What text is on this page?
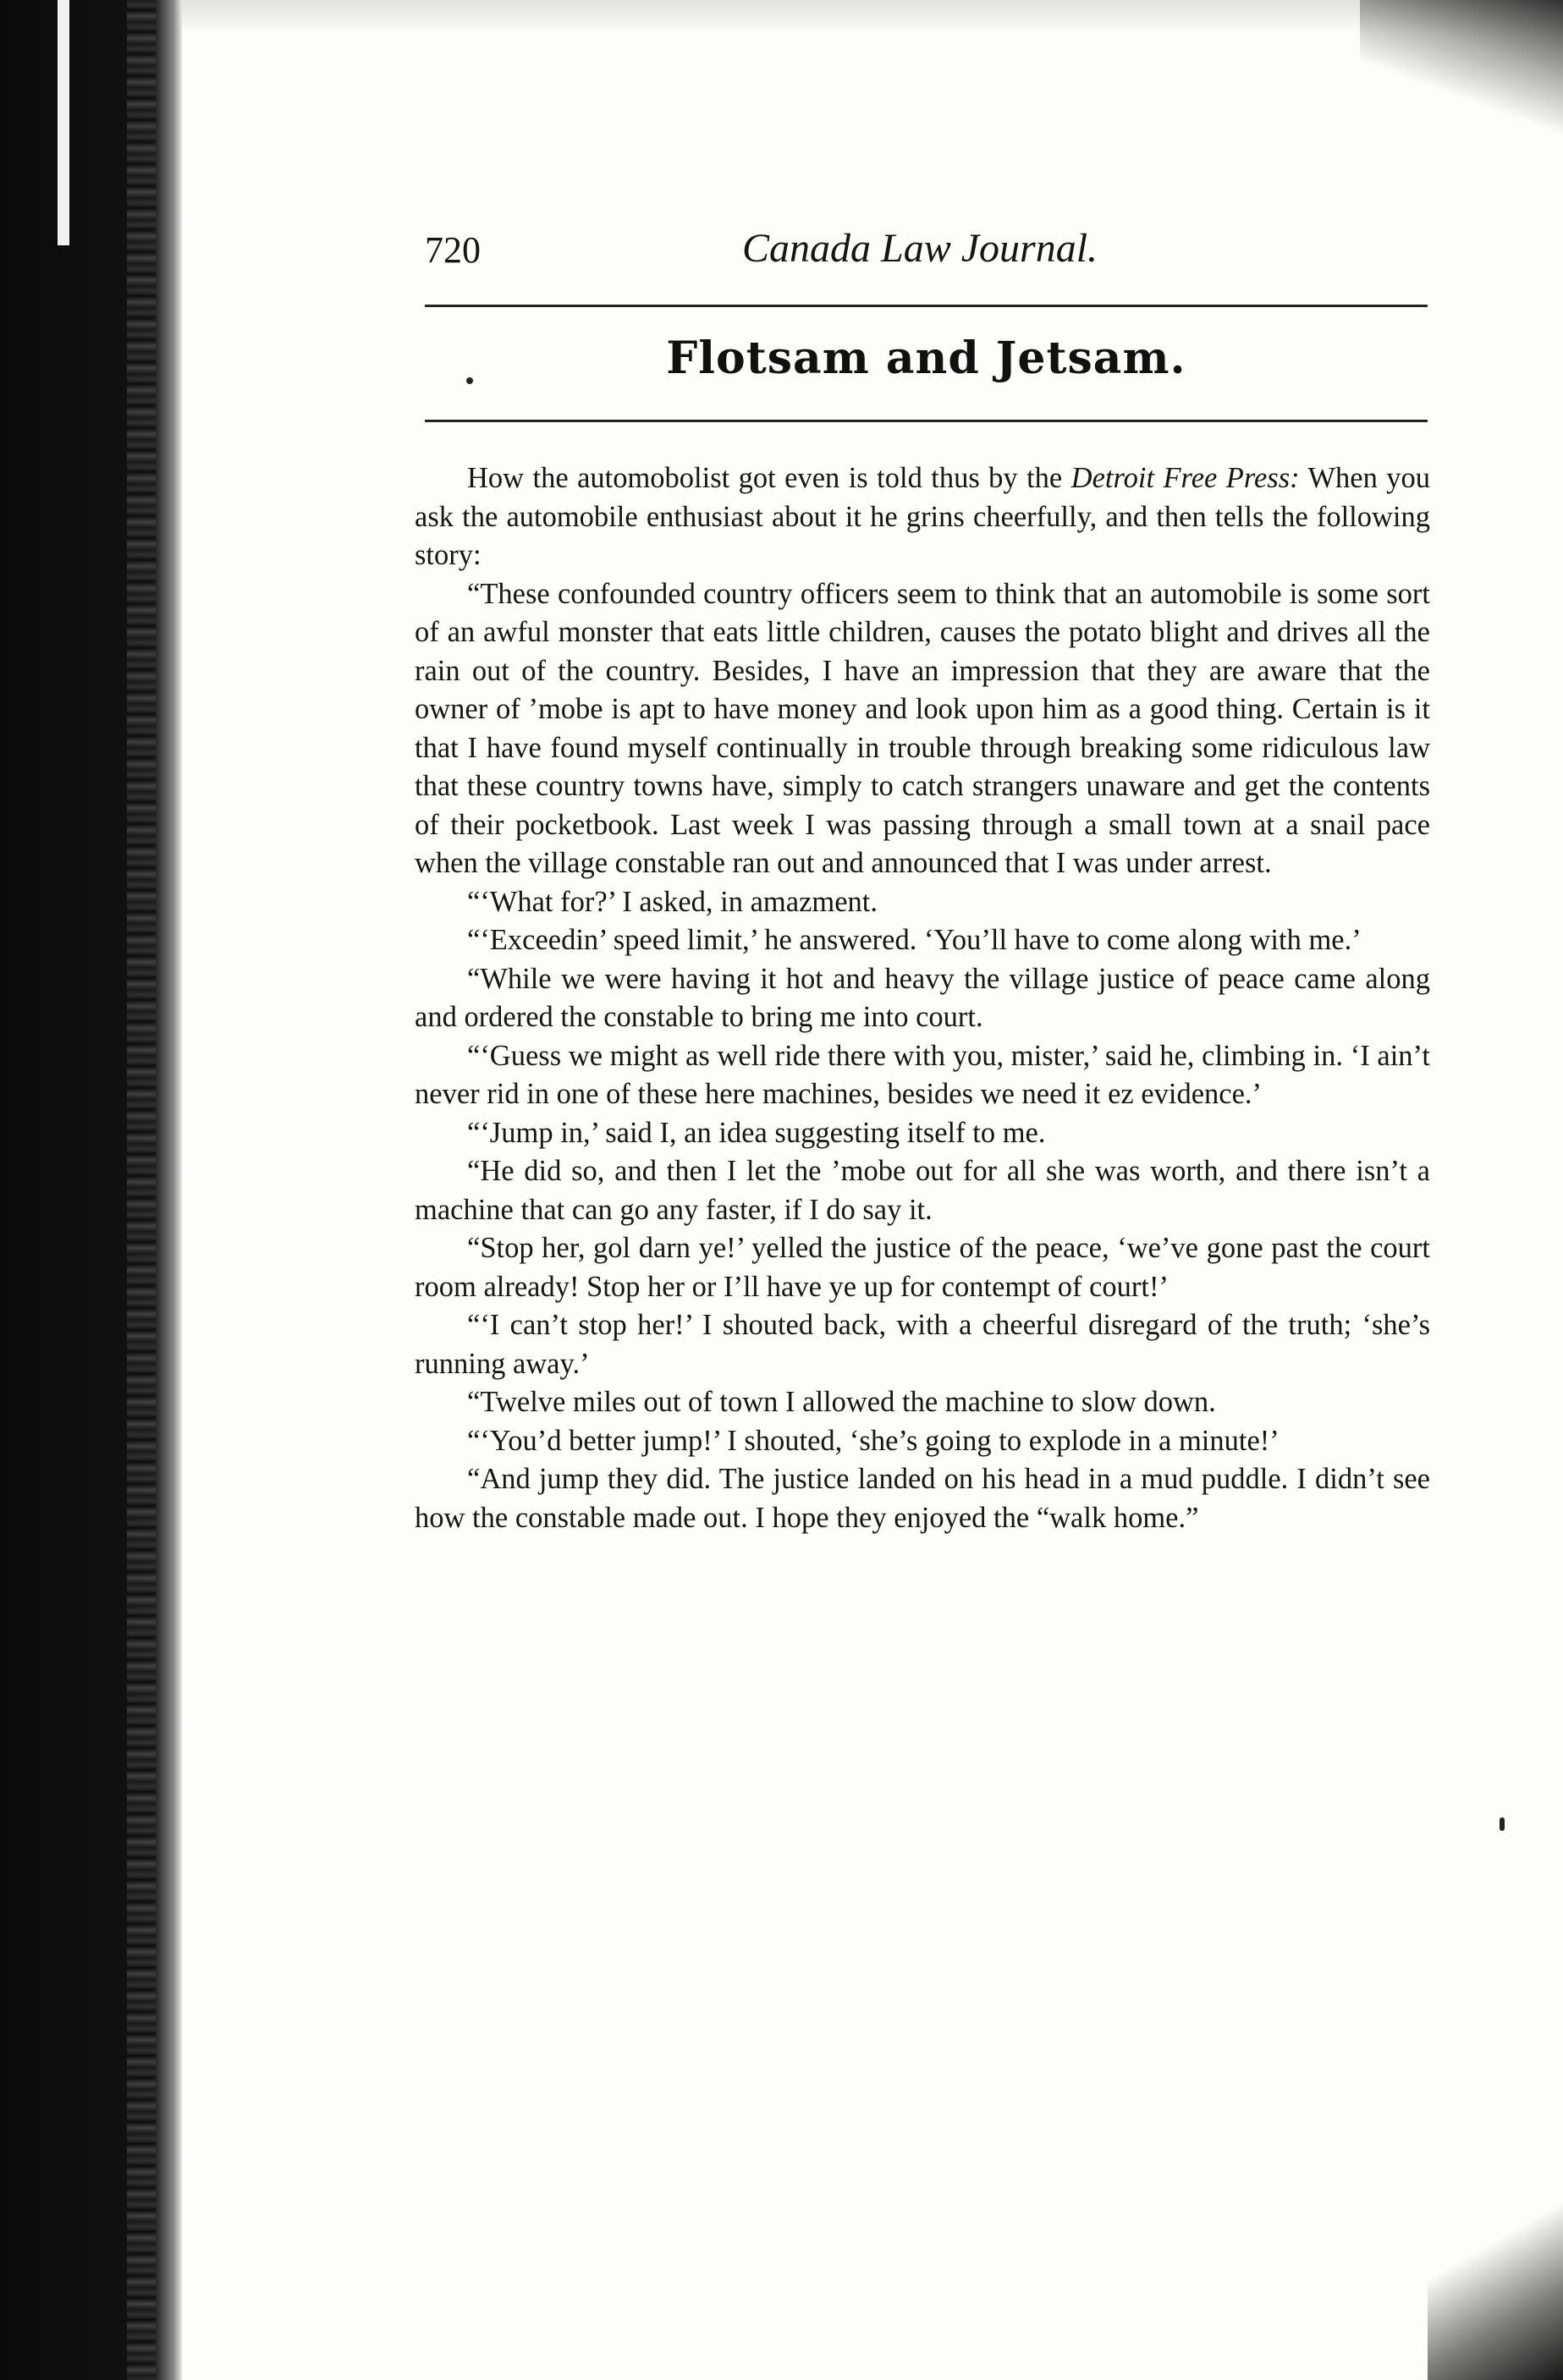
720	Canada Law Journal.
Flotsam and Jetsam.

How the automobolist got even is told thus by the Detroit Free Press: When you ask the automobile enthusiast about it he grins cheerfully, and then tells the following story:

“These confounded country officers seem to think that an automobile is some sort of an awful monster that eats little children, causes the potato blight and drives all the rain out of the country. Besides, I have an impression that they are aware that the owner of ’mobe is apt to have money and look upon him as a good thing. Certain is it that I have found myself continually in trouble through breaking some ridiculous law that these country towns have, simply to catch strangers unaware and get the contents of their pocketbook. Last week I was passing through a small town at a snail pace when the village constable ran out and announced that I was under arrest.

“‘What for?’ I asked, in amazment.

“‘Exceedin’ speed limit,’ he answered. ‘You’ll have to come along with me.’

“While we were having it hot and heavy the village justice of peace came along and ordered the constable to bring me into court.

“‘Guess we might as well ride there with you, mister,’ said he, climbing in. ‘I ain’t never rid in one of these here machines, besides we need it ez evidence.’

“‘Jump in,’ said I, an idea suggesting itself to me.

“He did so, and then I let the ’mobe out for all she was worth, and there isn’t a machine that can go any faster, if I do say it.

“Stop her, gol darn ye!’ yelled the justice of the peace, ‘we’ve gone past the court room already! Stop her or I’ll have ye up for contempt of court!’

“‘I can’t stop her!’ I shouted back, with a cheerful disregard of the truth; ‘she’s running away.’

“Twelve miles out of town I allowed the machine to slow down.

“‘You’d better jump!’ I shouted, ‘she’s going to explode in a minute!’

“And jump they did. The justice landed on his head in a mud puddle. I didn’t see how the constable made out. I hope they enjoyed the “walk home.”
